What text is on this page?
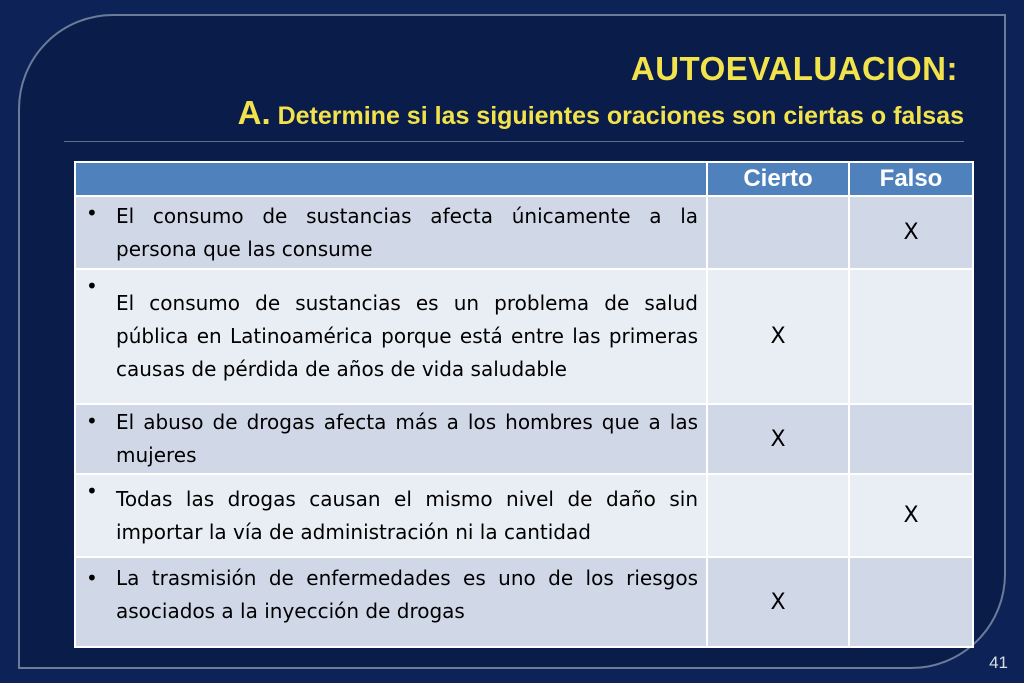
AUTOEVALUACION:
A. Determine si las siguientes oraciones son ciertas o falsas
	Cierto	Falso

• El consumo de sustancias afecta únicamente a la persona que las consume		X

•
El consumo de sustancias es un problema de salud pública en Latinoamérica porque está entre las primeras causas de pérdida de años de vida saludable	X	

• El abuso de drogas afecta más a los hombres que a las mujeres	X	

• Todas las drogas causan el mismo nivel de daño sin importar la vía de administración ni la cantidad		X

• La trasmisión de enfermedades es uno de los riesgos asociados a la inyección de drogas	X	
41
